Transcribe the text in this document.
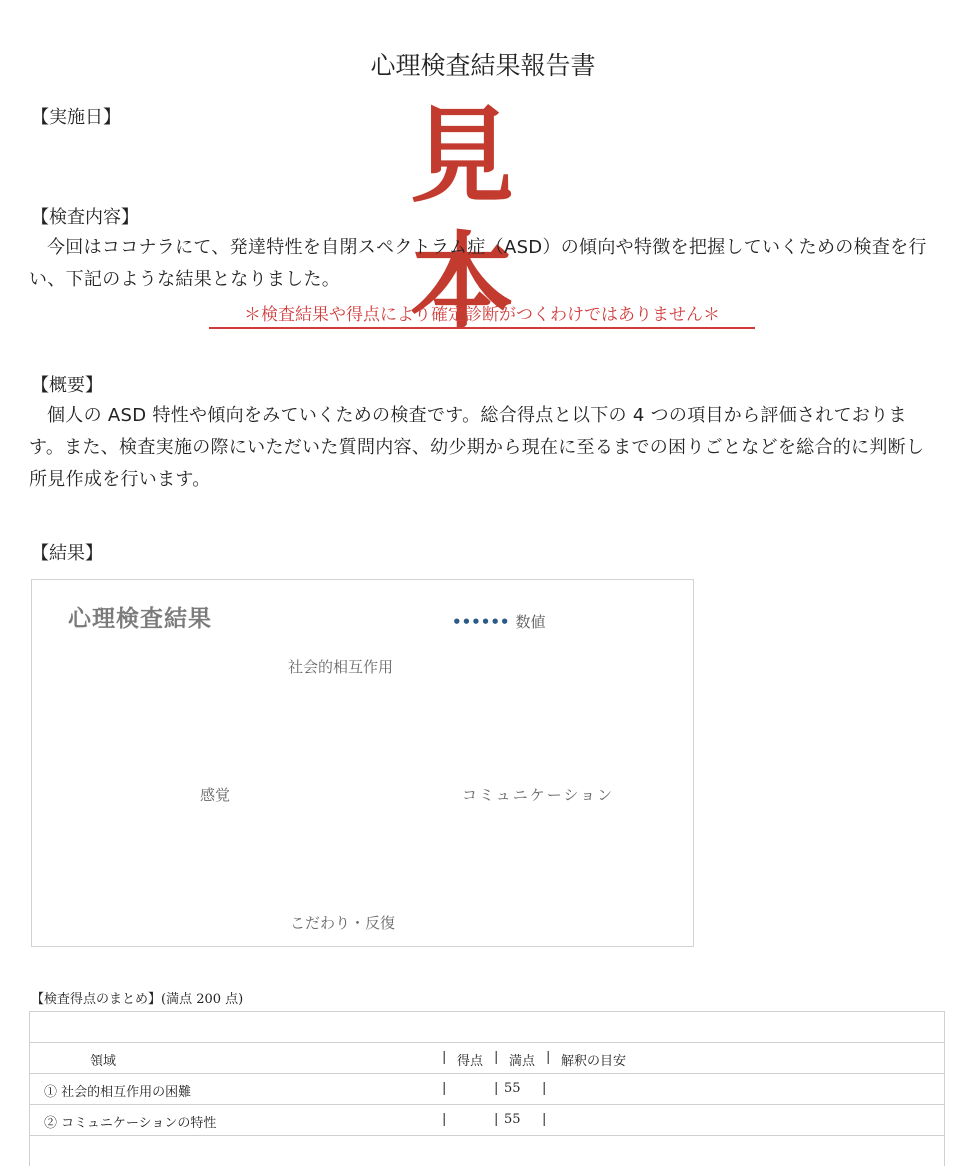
心理検査結果報告書
【実施日】	見
本
【検査内容】
今回はココナラにて、発達特性を自閉スペクトラム症（ASD）の傾向や特徴を把握していくための検査を行い、下記のような結果となりました。
＊検査結果や得点により確定診断がつくわけではありません＊
【概要】
個人の ASD 特性や傾向をみていくための検査です。総合得点と以下の 4 つの項目から評価されております。また、検査実施の際にいただいた質問内容、幼少期から現在に至るまでの困りごとなどを総合的に判断し所見作成を行います。
【結果】
心理検査結果	•••••• 数値
社会的相互作用
コミュニケーション
こだわり・反復
感覚
【検査得点のまとめ】(満点 200 点)
領域	| 得点 | 満点 | 解釈の目安
① 社会的相互作用の困難	|	| 55 |
② コミュニケーションの特性	|	| 55 |
